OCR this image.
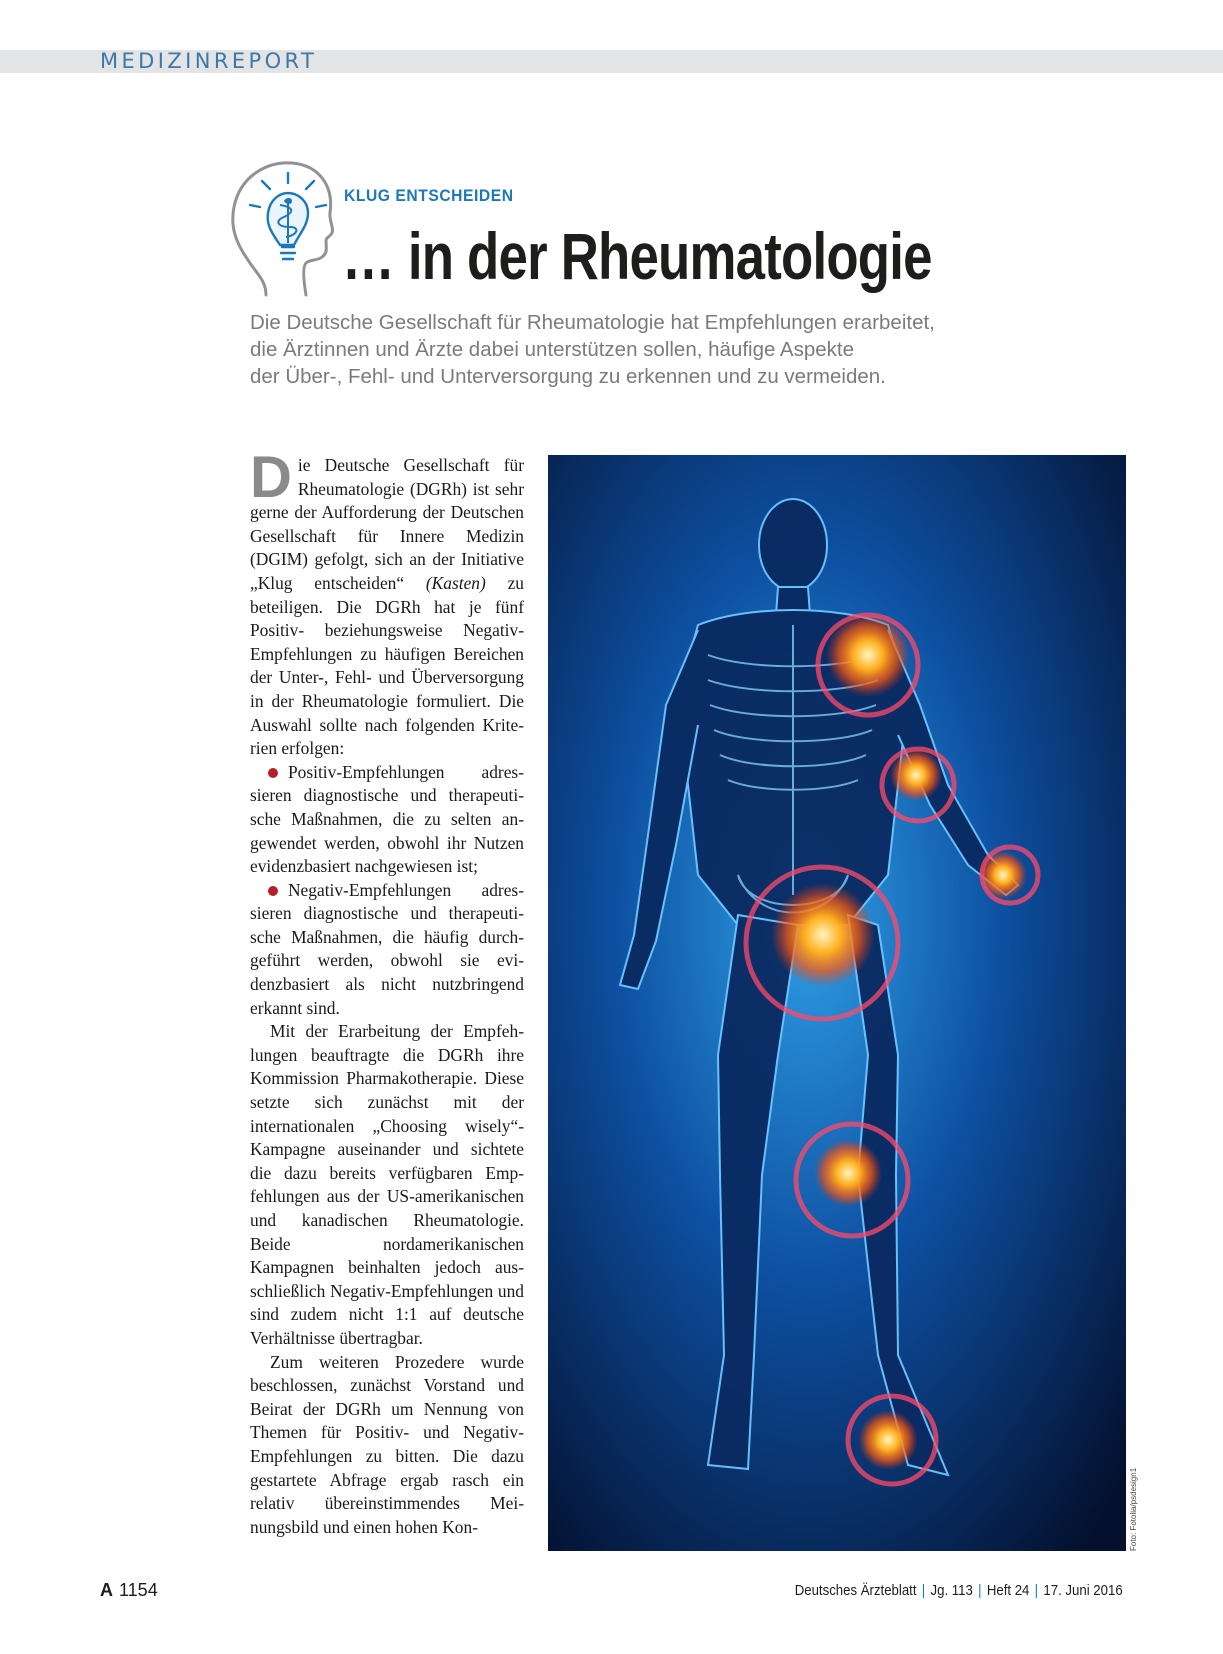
MEDIZINREPORT
KLUG ENTSCHEIDEN
… in der Rheumatologie

Die Deutsche Gesellschaft für Rheumatologie hat Empfehlungen erarbeitet,
die Ärztinnen und Ärzte dabei unterstützen sollen, häufige Aspekte
der Über-, Fehl- und Unterversorgung zu erkennen und zu vermeiden.

Die Deutsche Gesellschaft für Rheumatologie (DGRh) ist sehr gerne der Aufforderung der Deutschen Gesellschaft für Innere Medizin (DGIM) gefolgt, sich an der Initiative „Klug entscheiden“ (Kasten) zu beteiligen. Die DGRh hat je fünf Positiv- beziehungsweise Negativ-Empfehlungen zu häufigen Bereichen der Unter-, Fehl- und Überversorgung in der Rheumatologie formuliert. Die Auswahl sollte nach folgenden Kriterien erfolgen:

Positiv-Empfehlungen adressieren diagnostische und therapeutische Maßnahmen, die zu selten angewendet werden, obwohl ihr Nutzen evidenzbasiert nachgewiesen ist;

Negativ-Empfehlungen adressieren diagnostische und therapeutische Maßnahmen, die häufig durchgeführt werden, obwohl sie evidenzbasiert als nicht nutzbringend erkannt sind.

Mit der Erarbeitung der Empfehlungen beauftragte die DGRh ihre Kommission Pharmakotherapie. Diese setzte sich zunächst mit der internationalen „Choosing wisely“-Kampagne auseinander und sichtete die dazu bereits verfügbaren Empfehlungen aus der US-amerikanischen und kanadischen Rheumatologie. Beide nordamerikanischen Kampagnen beinhalten jedoch ausschließlich Negativ-Empfehlungen und sind zudem nicht 1:1 auf deutsche Verhältnisse übertragbar.

Zum weiteren Prozedere wurde beschlossen, zunächst Vorstand und Beirat der DGRh um Nennung von Themen für Positiv- und Negativ-Empfehlungen zu bitten. Die dazu gestartete Abfrage ergab rasch ein relativ übereinstimmendes Meinungsbild und einen hohen Kon-	Foto: Fotolia/psdesign1
A 1154	Deutsches Ärzteblatt | Jg. 113 | Heft 24 | 17. Juni 2016
